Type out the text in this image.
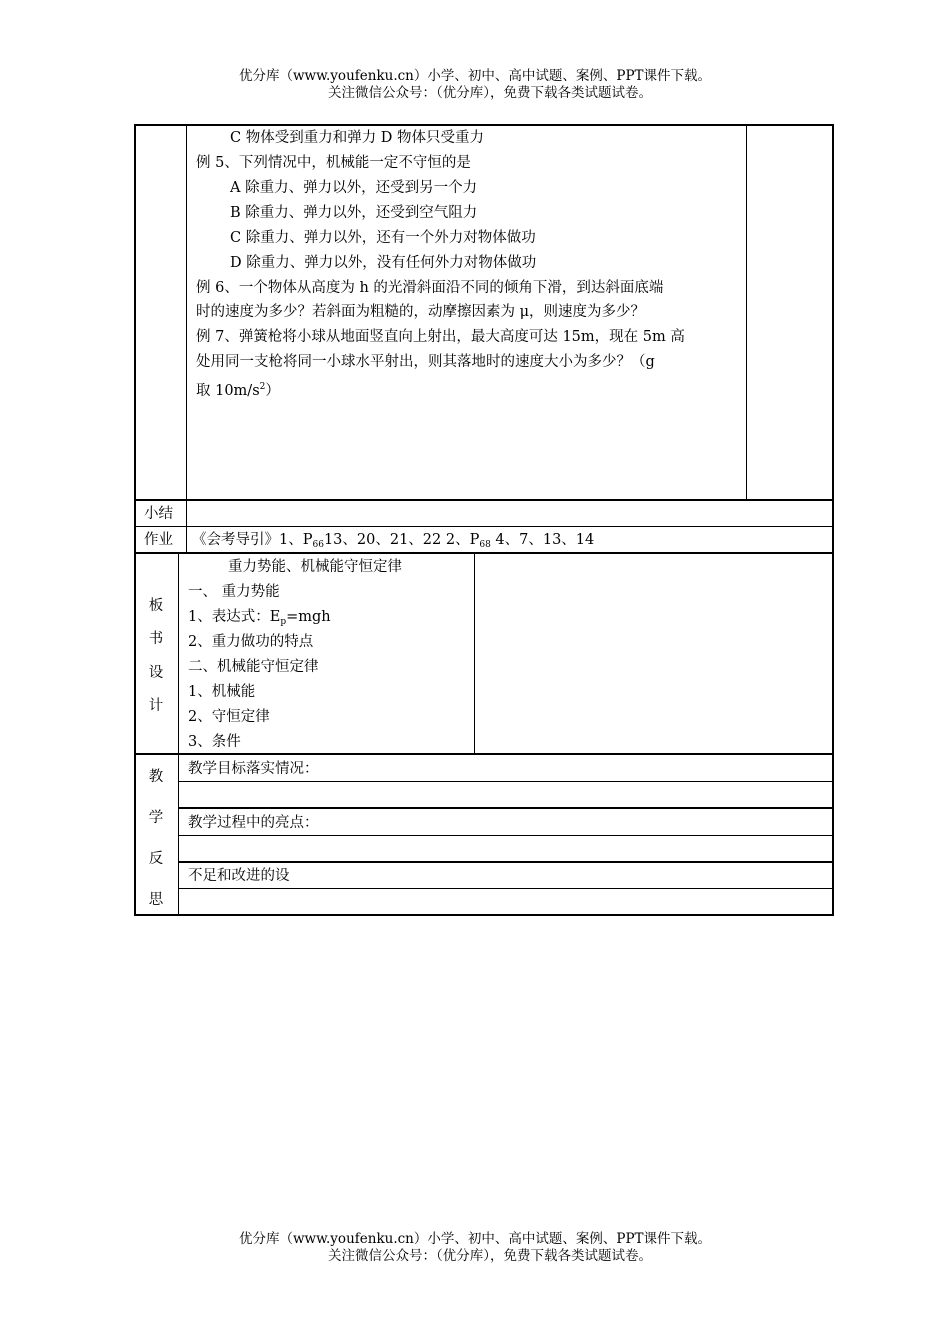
优分库（www.youfenku.cn）小学、初中、高中试题、案例、PPT课件下载。
关注微信公众号：（优分库），免费下载各类试题试卷。
C 物体受到重力和弹力 D 物体只受重力
例 5、下列情况中，机械能一定不守恒的是
A 除重力、弹力以外，还受到另一个力
B 除重力、弹力以外，还受到空气阻力
C 除重力、弹力以外，还有一个外力对物体做功
D 除重力、弹力以外，没有任何外力对物体做功
例 6、一个物体从高度为 h 的光滑斜面沿不同的倾角下滑，到达斜面底端
时的速度为多少？若斜面为粗糙的，动摩擦因素为 μ，则速度为多少？
例 7、弹簧枪将小球从地面竖直向上射出，最大高度可达 15m，现在 5m 高
处用同一支枪将同一小球水平射出，则其落地时的速度大小为多少？（g
取 $10m/s^2$）
小结
作业 《会考导引》1、$P_{66}13$、20、21、22 2、$P_{68}$ 4、7、13、14
板
书
设
计
重力势能、机械能守恒定律
一、 重力势能
1、表达式：$E_p=mgh$
2、重力做功的特点
二、机械能守恒定律
1、机械能
2、守恒定律
3、条件
教
学
反
思
教学目标落实情况：
教学过程中的亮点：
不足和改进的设
优分库（www.youfenku.cn）小学、初中、高中试题、案例、PPT课件下载。
关注微信公众号：（优分库），免费下载各类试题试卷。
